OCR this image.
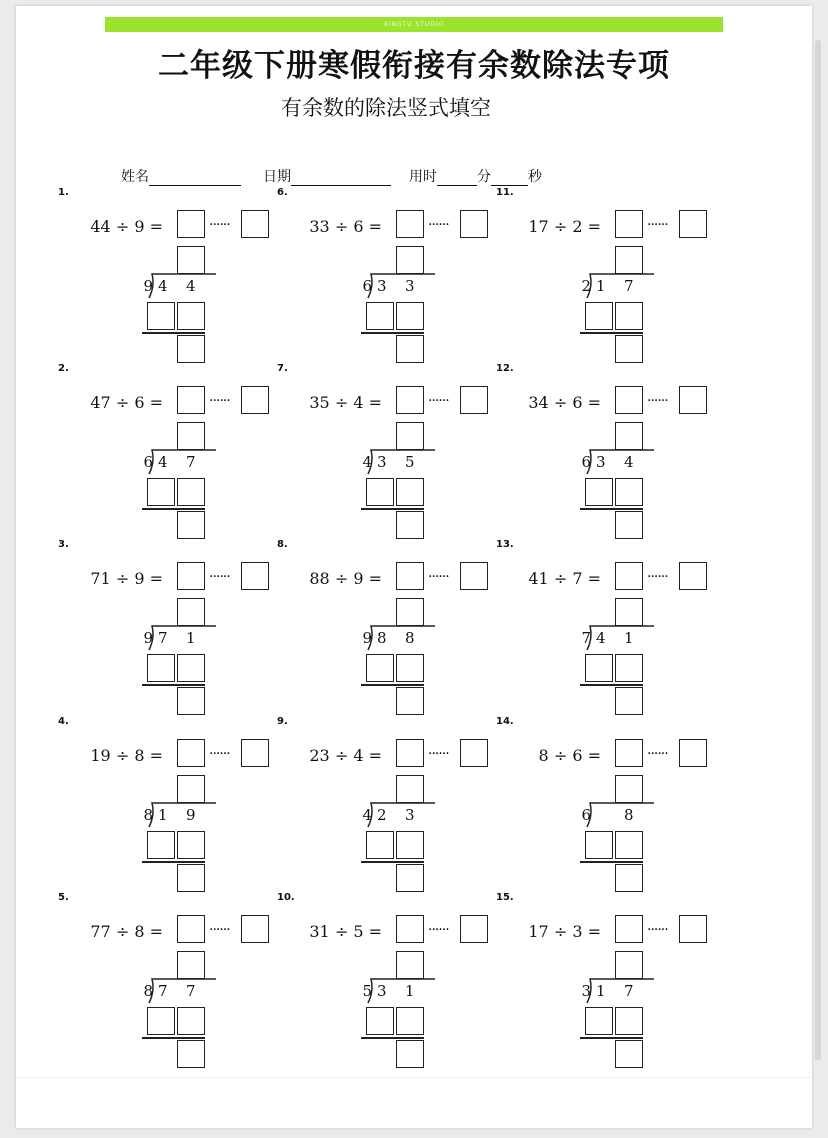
XINGTU STUDIO
二年级下册寒假衔接有余数除法专项
有余数的除法竖式填空
姓名	日期	用时	分	秒
1.
44 ÷ 9 =	······
9 4 4
2.
47 ÷ 6 =	······
6 4 7
3.
71 ÷ 9 =	······
9 7 1
4.
19 ÷ 8 =	······
8 1 9
5.
77 ÷ 8 =	······
8 7 7
6.
33 ÷ 6 =	······
6 3 3
7.
35 ÷ 4 =	······
4 3 5
8.
88 ÷ 9 =	······
9 8 8
9.
23 ÷ 4 =	······
4 2 3
10.
31 ÷ 5 =	······
5 3 1
11.
17 ÷ 2 =	······
2 1 7
12.
34 ÷ 6 =	······
6 3 4
13.
41 ÷ 7 =	······
7 4 1
14.
8 ÷ 6 =	······
6 8
15.
17 ÷ 3 =	······
3 1 7
